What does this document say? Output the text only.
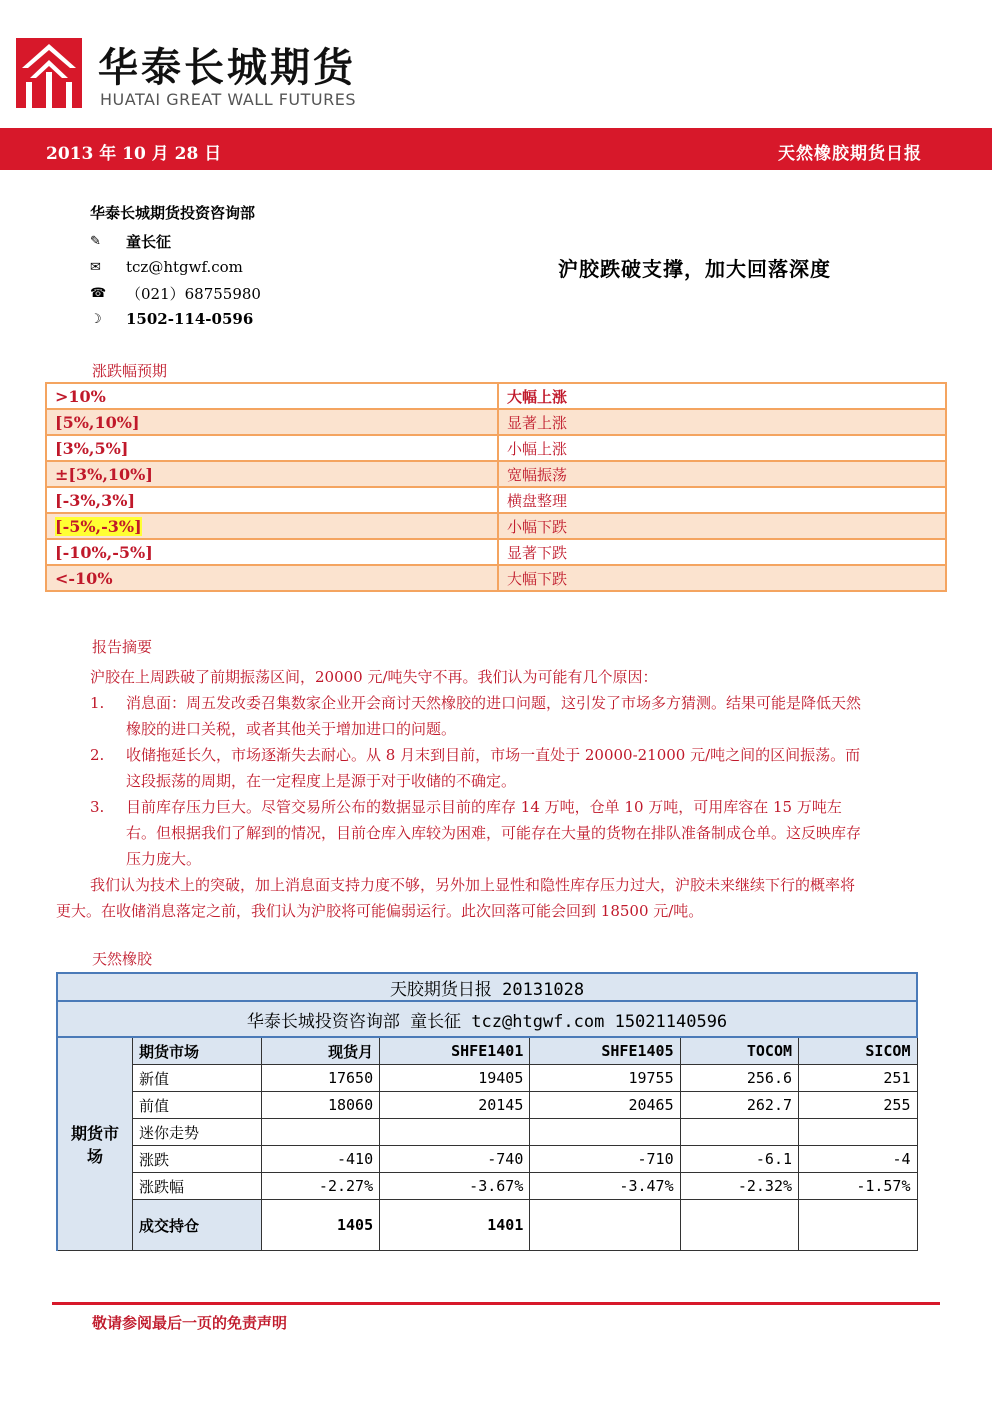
华泰长城期货
HUATAI GREAT WALL FUTURES
2013 年 10 月 28 日	天然橡胶期货日报
华泰长城期货投资咨询部
✎	童长征
✉	tcz@htgwf.com
☎	（021）68755980
☽	1502-114-0596
沪胶跌破支撑，加大回落深度
涨跌幅预期
>10%	大幅上涨
[5%,10%]	显著上涨
[3%,5%]	小幅上涨
±[3%,10%]	宽幅振荡
[-3%,3%]	横盘整理
[-5%,-3%]	小幅下跌
[-10%,-5%]	显著下跌
<-10%	大幅下跌
报告摘要

沪胶在上周跌破了前期振荡区间，20000 元/吨失守不再。我们认为可能有几个原因：

1. 消息面：周五发改委召集数家企业开会商讨天然橡胶的进口问题，这引发了市场多方猜测。结果可能是降低天然橡胶的进口关税，或者其他关于增加进口的问题。
2. 收储拖延长久，市场逐渐失去耐心。从 8 月末到目前，市场一直处于 20000-21000 元/吨之间的区间振荡。而这段振荡的周期，在一定程度上是源于对于收储的不确定。
3. 目前库存压力巨大。尽管交易所公布的数据显示目前的库存 14 万吨，仓单 10 万吨，可用库容在 15 万吨左右。但根据我们了解到的情况，目前仓库入库较为困难，可能存在大量的货物在排队准备制成仓单。这反映库存压力庞大。

我们认为技术上的突破，加上消息面支持力度不够，另外加上显性和隐性库存压力过大，沪胶未来继续下行的概率将更大。在收储消息落定之前，我们认为沪胶将可能偏弱运行。此次回落可能会回到 18500 元/吨。

天然橡胶
天胶期货日报 20131028						
华泰长城投资咨询部 童长征 tcz@htgwf.com 15021140596						
期货市场	期货市场	现货月	SHFE1401	SHFE1405	TOCOM	SICOM
	新值	17650	19405	19755	256.6	251
	前值	18060	20145	20465	262.7	255
	迷你走势					
	涨跌	-410	-740	-710	-6.1	-4
	涨跌幅	-2.27%	-3.67%	-3.47%	-2.32%	-1.57%
	成交持仓	1405	1401			
敬请参阅最后一页的免责声明
